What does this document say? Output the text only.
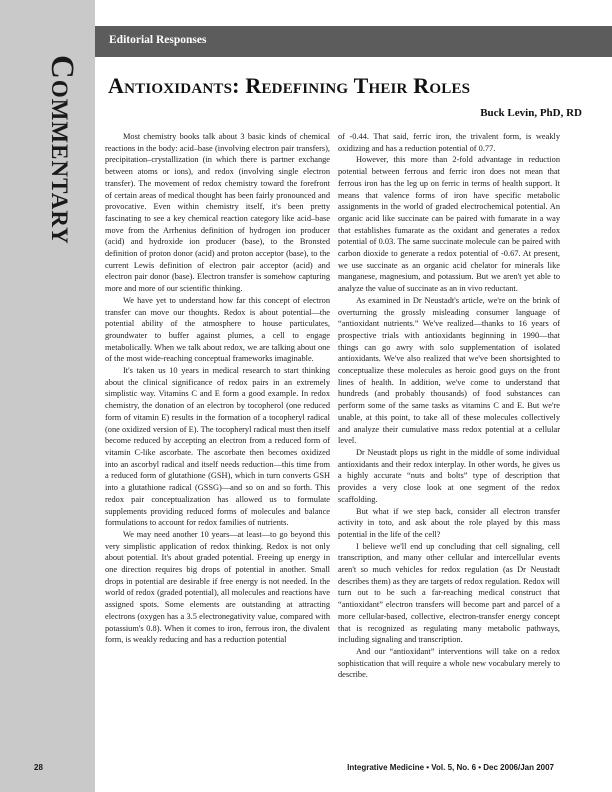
Commentary
Editorial Responses
Antioxidants: Redefining Their Roles
Buck Levin, PhD, RD

Most chemistry books talk about 3 basic kinds of chemical reactions in the body: acid–base (involving electron pair transfers), precipitation–crystallization (in which there is partner exchange between atoms or ions), and redox (involving single electron transfer). The movement of redox chemistry toward the forefront of certain areas of medical thought has been fairly pronounced and provocative. Even within chemistry itself, it's been pretty fascinating to see a key chemical reaction category like acid–base move from the Arrhenius definition of hydrogen ion producer (acid) and hydroxide ion producer (base), to the Bronsted definition of proton donor (acid) and proton acceptor (base), to the current Lewis definition of electron pair acceptor (acid) and electron pair donor (base). Electron transfer is somehow capturing more and more of our scientific thinking.

We have yet to understand how far this concept of electron transfer can move our thoughts. Redox is about potential—the potential ability of the atmosphere to house particulates, groundwater to buffer against plumes, a cell to engage metabolically. When we talk about redox, we are talking about one of the most wide-reaching conceptual frameworks imaginable.

It's taken us 10 years in medical research to start thinking about the clinical significance of redox pairs in an extremely simplistic way. Vitamins C and E form a good example. In redox chemistry, the donation of an electron by tocopherol (one reduced form of vitamin E) results in the formation of a tocopheryl radical (one oxidized version of E). The tocopheryl radical must then itself become reduced by accepting an electron from a reduced form of vitamin C-like ascorbate. The ascorbate then becomes oxidized into an ascorbyl radical and itself needs reduction—this time from a reduced form of glutathione (GSH), which in turn converts GSH into a glutathione radical (GSSG)—and so on and so forth. This redox pair conceptualization has allowed us to formulate supplements providing reduced forms of molecules and balance formulations to account for redox families of nutrients.

We may need another 10 years—at least—to go beyond this very simplistic application of redox thinking. Redox is not only about potential. It's about graded potential. Freeing up energy in one direction requires big drops of potential in another. Small drops in potential are desirable if free energy is not needed. In the world of redox (graded potential), all molecules and reactions have assigned spots. Some elements are outstanding at attracting electrons (oxygen has a 3.5 electronegativity value, compared with potassium's 0.8). When it comes to iron, ferrous iron, the divalent form, is weakly reducing and has a reduction potential

of -0.44. That said, ferric iron, the trivalent form, is weakly oxidizing and has a reduction potential of 0.77.

However, this more than 2-fold advantage in reduction potential between ferrous and ferric iron does not mean that ferrous iron has the leg up on ferric in terms of health support. It means that valence forms of iron have specific metabolic assignments in the world of graded electrochemical potential. An organic acid like succinate can be paired with fumarate in a way that establishes fumarate as the oxidant and generates a redox potential of 0.03. The same succinate molecule can be paired with carbon dioxide to generate a redox potential of -0.67. At present, we use succinate as an organic acid chelator for minerals like manganese, magnesium, and potassium. But we aren't yet able to analyze the value of succinate as an in vivo reductant.

As examined in Dr Neustadt's article, we're on the brink of overturning the grossly misleading consumer language of “antioxidant nutrients.” We've realized—thanks to 16 years of prospective trials with antioxidants beginning in 1990—that things can go awry with solo supplementation of isolated antioxidants. We've also realized that we've been shortsighted to conceptualize these molecules as heroic good guys on the front lines of health. In addition, we've come to understand that hundreds (and probably thousands) of food substances can perform some of the same tasks as vitamins C and E. But we're unable, at this point, to take all of these molecules collectively and analyze their cumulative mass redox potential at a cellular level.

Dr Neustadt plops us right in the middle of some individual antioxidants and their redox interplay. In other words, he gives us a highly accurate “nuts and bolts” type of description that provides a very close look at one segment of the redox scaffolding.

But what if we step back, consider all electron transfer activity in toto, and ask about the role played by this mass potential in the life of the cell?

I believe we'll end up concluding that cell signaling, cell transcription, and many other cellular and intercellular events aren't so much vehicles for redox regulation (as Dr Neustadt describes them) as they are targets of redox regulation. Redox will turn out to be such a far-reaching medical construct that “antioxidant” electron transfers will become part and parcel of a more cellular-based, collective, electron-transfer energy concept that is recognized as regulating many metabolic pathways, including signaling and transcription.

And our “antioxidant” interventions will take on a redox sophistication that will require a whole new vocabulary merely to describe.

28	Integrative Medicine • Vol. 5, No. 6 • Dec 2006/Jan 2007
